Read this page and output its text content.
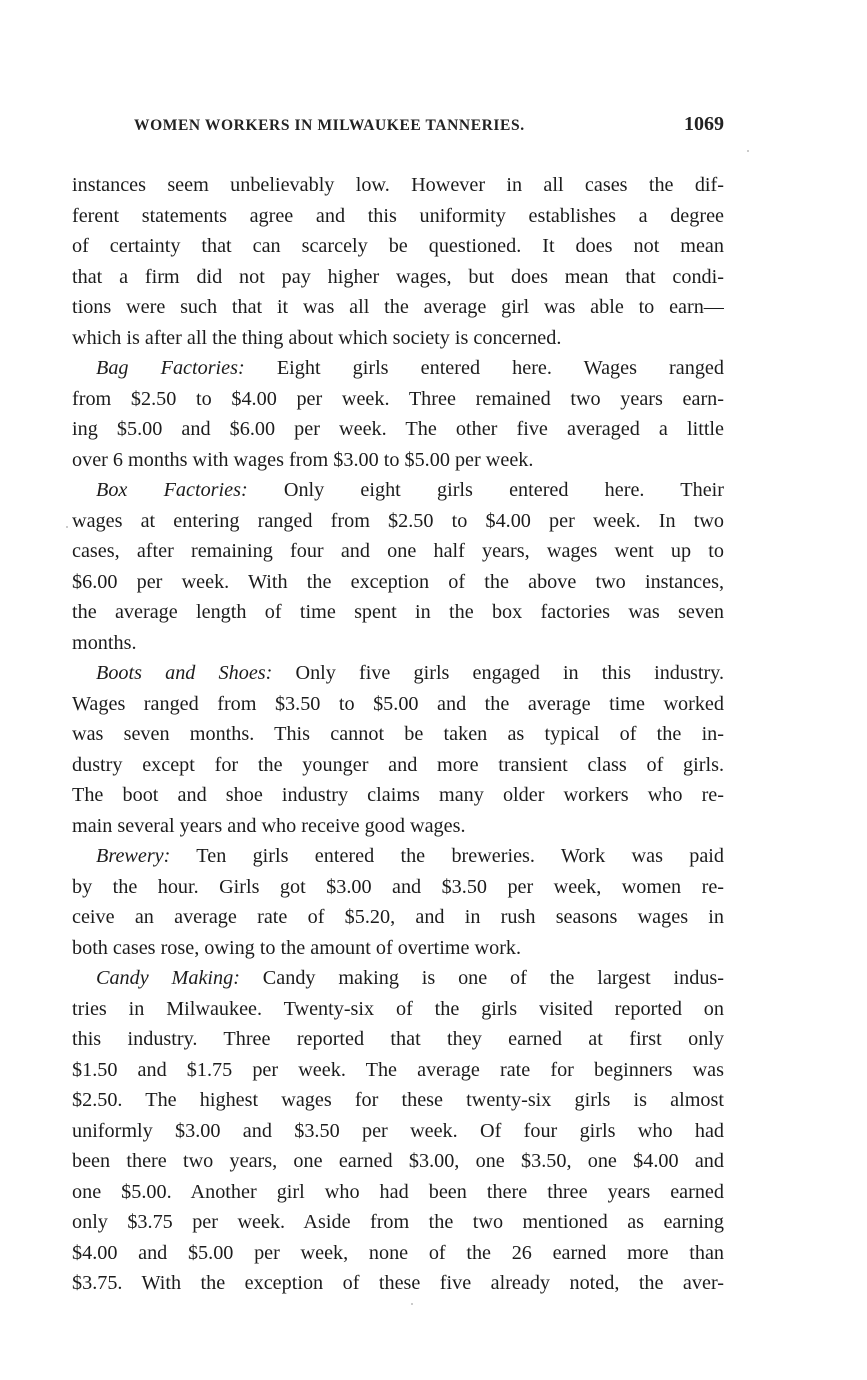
WOMEN WORKERS IN MILWAUKEE TANNERIES.	1069
instances seem unbelievably low. However in all cases the dif-
ferent statements agree and this uniformity establishes a degree
of certainty that can scarcely be questioned. It does not mean
that a firm did not pay higher wages, but does mean that condi-
tions were such that it was all the average girl was able to earn—
which is after all the thing about which society is concerned.
Bag Factories: Eight girls entered here. Wages ranged
from $2.50 to $4.00 per week. Three remained two years earn-
ing $5.00 and $6.00 per week. The other five averaged a little
over 6 months with wages from $3.00 to $5.00 per week.
Box Factories: Only eight girls entered here. Their
wages at entering ranged from $2.50 to $4.00 per week. In two
cases, after remaining four and one half years, wages went up to
$6.00 per week. With the exception of the above two instances,
the average length of time spent in the box factories was seven
months.
Boots and Shoes: Only five girls engaged in this industry.
Wages ranged from $3.50 to $5.00 and the average time worked
was seven months. This cannot be taken as typical of the in-
dustry except for the younger and more transient class of girls.
The boot and shoe industry claims many older workers who re-
main several years and who receive good wages.
Brewery: Ten girls entered the breweries. Work was paid
by the hour. Girls got $3.00 and $3.50 per week, women re-
ceive an average rate of $5.20, and in rush seasons wages in
both cases rose, owing to the amount of overtime work.
Candy Making: Candy making is one of the largest indus-
tries in Milwaukee. Twenty-six of the girls visited reported on
this industry. Three reported that they earned at first only
$1.50 and $1.75 per week. The average rate for beginners was
$2.50. The highest wages for these twenty-six girls is almost
uniformly $3.00 and $3.50 per week. Of four girls who had
been there two years, one earned $3.00, one $3.50, one $4.00 and
one $5.00. Another girl who had been there three years earned
only $3.75 per week. Aside from the two mentioned as earning
$4.00 and $5.00 per week, none of the 26 earned more than
$3.75. With the exception of these five already noted, the aver-
